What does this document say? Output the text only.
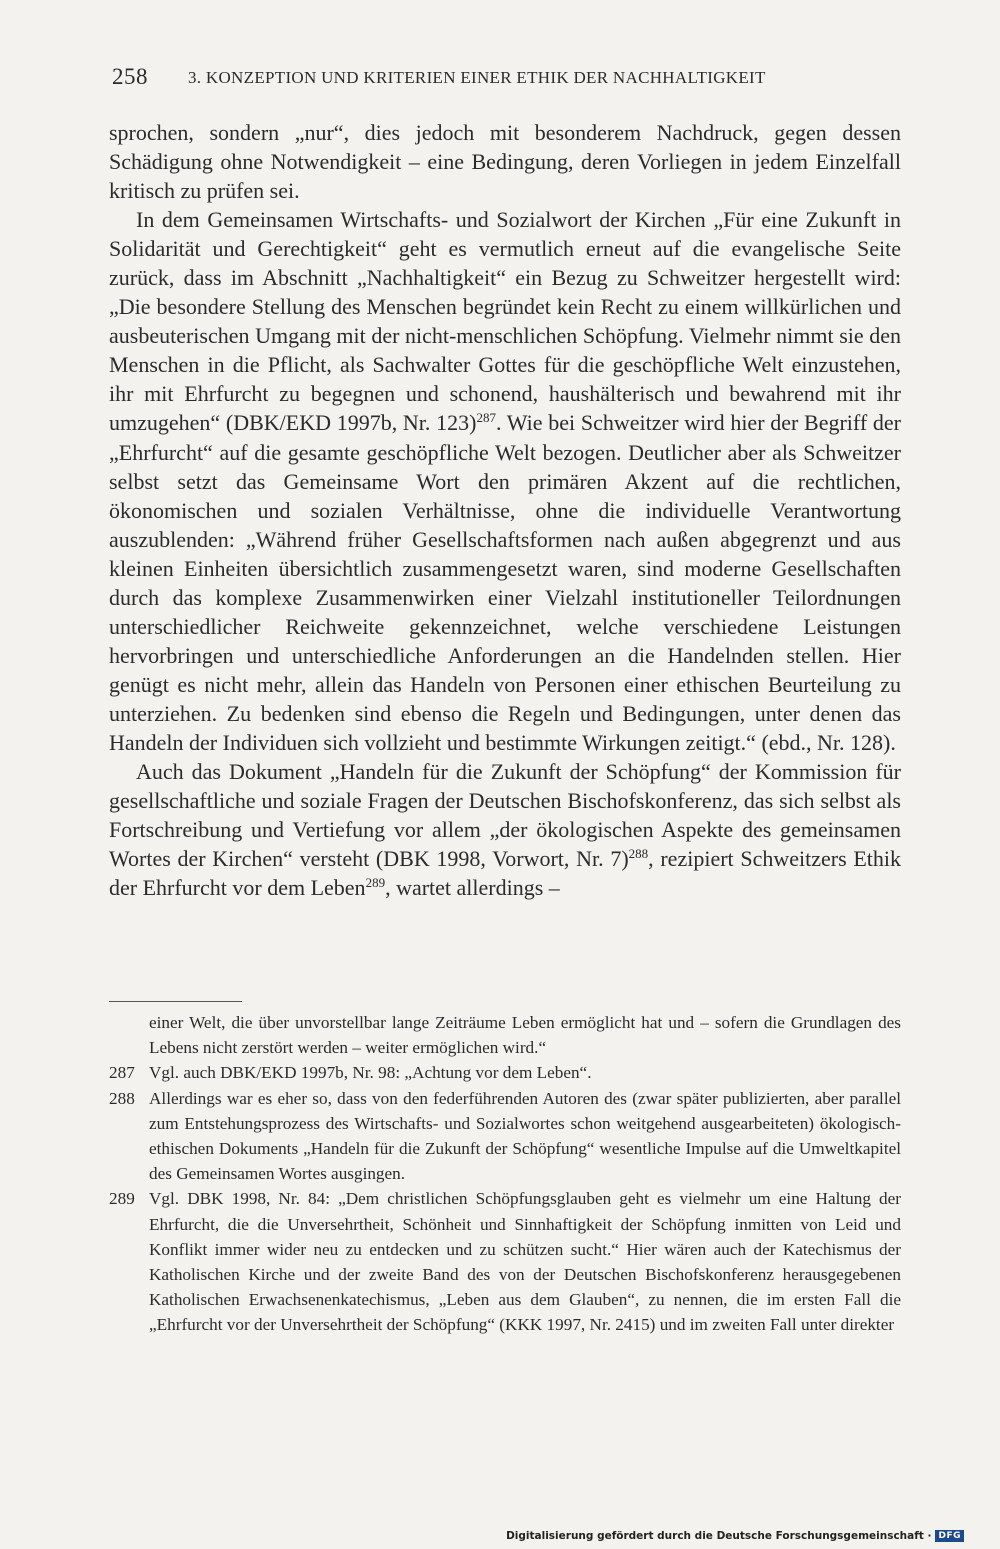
258 3. KONZEPTION UND KRITERIEN EINER ETHIK DER NACHHALTIGKEIT

sprochen, sondern „nur“, dies jedoch mit besonderem Nachdruck, gegen dessen Schädigung ohne Notwendigkeit – eine Bedingung, deren Vorliegen in jedem Einzelfall kritisch zu prüfen sei.

In dem Gemeinsamen Wirtschafts- und Sozialwort der Kirchen „Für eine Zukunft in Solidarität und Gerechtigkeit“ geht es vermutlich erneut auf die evangelische Seite zurück, dass im Abschnitt „Nachhaltigkeit“ ein Bezug zu Schweitzer hergestellt wird: „Die besondere Stellung des Menschen begründet kein Recht zu einem willkürlichen und ausbeuterischen Umgang mit der nicht-menschlichen Schöpfung. Vielmehr nimmt sie den Menschen in die Pflicht, als Sachwalter Gottes für die geschöpfliche Welt einzustehen, ihr mit Ehrfurcht zu begegnen und schonend, haushälterisch und bewahrend mit ihr umzugehen“ (DBK/EKD 1997b, Nr. 123)$^{287}$. Wie bei Schweitzer wird hier der Begriff der „Ehrfurcht“ auf die gesamte geschöpfliche Welt bezogen. Deutlicher aber als Schweitzer selbst setzt das Gemeinsame Wort den primären Akzent auf die rechtlichen, ökonomischen und sozialen Verhältnisse, ohne die individuelle Verantwortung auszublenden: „Während früher Gesellschaftsformen nach außen abgegrenzt und aus kleinen Einheiten übersichtlich zusammengesetzt waren, sind moderne Gesellschaften durch das komplexe Zusammenwirken einer Vielzahl institutioneller Teilordnungen unterschiedlicher Reichweite gekennzeichnet, welche verschiedene Leistungen hervorbringen und unterschiedliche Anforderungen an die Handelnden stellen. Hier genügt es nicht mehr, allein das Handeln von Personen einer ethischen Beurteilung zu unterziehen. Zu bedenken sind ebenso die Regeln und Bedingungen, unter denen das Handeln der Individuen sich vollzieht und bestimmte Wirkungen zeitigt.“ (ebd., Nr. 128).

Auch das Dokument „Handeln für die Zukunft der Schöpfung“ der Kommission für gesellschaftliche und soziale Fragen der Deutschen Bischofskonferenz, das sich selbst als Fortschreibung und Vertiefung vor allem „der ökologischen Aspekte des gemeinsamen Wortes der Kirchen“ versteht (DBK 1998, Vorwort, Nr. 7)$^{288}$, rezipiert Schweitzers Ethik der Ehrfurcht vor dem Leben$^{289}$, wartet allerdings –

einer Welt, die über unvorstellbar lange Zeiträume Leben ermöglicht hat und – sofern die Grundlagen des Lebens nicht zerstört werden – weiter ermöglichen wird.“
287 Vgl. auch DBK/EKD 1997b, Nr. 98: „Achtung vor dem Leben“.
288 Allerdings war es eher so, dass von den federführenden Autoren des (zwar später publizierten, aber parallel zum Entstehungsprozess des Wirtschafts- und Sozialwortes schon weitgehend ausgearbeiteten) ökologisch-ethischen Dokuments „Handeln für die Zukunft der Schöpfung“ wesentliche Impulse auf die Umweltkapitel des Gemeinsamen Wortes ausgingen.
289 Vgl. DBK 1998, Nr. 84: „Dem christlichen Schöpfungsglauben geht es vielmehr um eine Haltung der Ehrfurcht, die die Unversehrtheit, Schönheit und Sinnhaftigkeit der Schöpfung inmitten von Leid und Konflikt immer wider neu zu entdecken und zu schützen sucht.“ Hier wären auch der Katechismus der Katholischen Kirche und der zweite Band des von der Deutschen Bischofskonferenz herausgegebenen Katholischen Erwachsenenkatechismus, „Leben aus dem Glauben“, zu nennen, die im ersten Fall die „Ehrfurcht vor der Unversehrtheit der Schöpfung“ (KKK 1997, Nr. 2415) und im zweiten Fall unter direkter
Digitalisierung gefördert durch die Deutsche Forschungsgemeinschaft · DFG
